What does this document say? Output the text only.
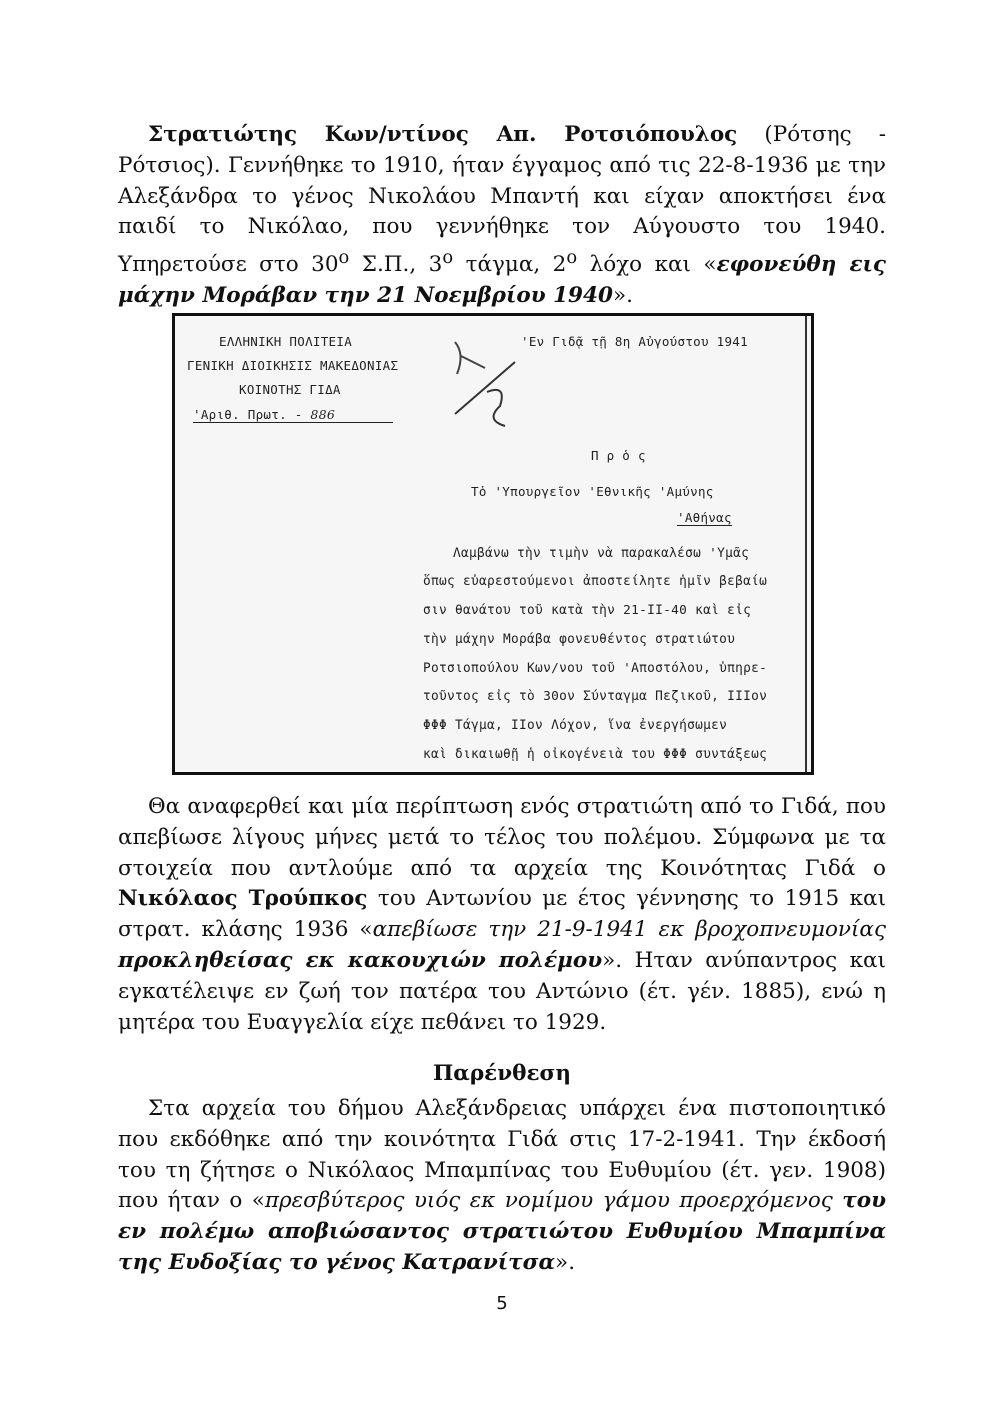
Στρατιώτης Κων/ντίνος Απ. Ροτσιόπουλος (Ρότσης - Ρότσιος). Γεννήθηκε το 1910, ήταν έγγαμος από τις 22-8-1936 με την Αλεξάνδρα το γένος Νικολάου Μπαντή και είχαν αποκτήσει ένα παιδί το Νικόλαο, που γεννήθηκε τον Αύγουστο του 1940. Υπηρετούσε στο $30^o$ Σ.Π., $3^o$ τάγμα, $2^o$ λόχο και «εφονεύθη εις μάχην Μοράβαν την 21 Νοεμβρίου 1940».
ΕΛΛΗΝΙΚΗ ΠΟΛΙΤΕΙΑ
ΓΕΝΙΚΗ ΔΙΟΙΚΗΣΙΣ ΜΑΚΕΔΟΝΙΑΣ
ΚΟΙΝΟΤΗΣ ΓΙΔΑ
'Αριθ. Πρωτ. - 886
'Εν Γιδᾷ τῇ 8η Αὐγούστου 1941
Π ρ ὁ ς
Τὁ 'Υπουργεῖον 'Εθνικῆς 'Αμύνης
'Αθήνας
Λαμβάνω τὴν τιμὴν νὰ παρακαλέσω 'Υμᾶς
ὅπως εὐαρεστούμενοι ἀποστείλητε ἡμῖν βεβαίω
σιν θανάτου τοῦ κατὰ τὴν 21-ΙΙ-40 καὶ εἰς
τὴν μάχην Μοράβα φονευθέντος στρατιώτου
Ροτσιοπούλου Κων/νου τοῦ 'Αποστόλου, ὑπηρε-
τοῦντος εἰς τὸ 30ον Σύνταγμα Πεζικοῦ, ΙΙΙον
ΦΦΦ Τάγμα, ΙΙον Λόχον, ἵνα ἐνεργήσωμεν
καὶ δικαιωθῇ ἡ οἰκογένειὰ του ΦΦΦ συντάξεως
Θα αναφερθεί και μία περίπτωση ενός στρατιώτη από το Γιδά, που απεβίωσε λίγους μήνες μετά το τέλος του πολέμου. Σύμφωνα με τα στοιχεία που αντλούμε από τα αρχεία της Κοινότητας Γιδά ο Νικόλαος Τρούπκος του Αντωνίου με έτος γέννησης το 1915 και στρατ. κλάσης 1936 «απεβίωσε την 21-9-1941 εκ βροχοπνευμονίας προκληθείσας εκ κακουχιών πολέμου». Ηταν ανύπαντρος και εγκατέλειψε εν ζωή τον πατέρα του Αντώνιο (έτ. γέν. 1885), ενώ η μητέρα του Ευαγγελία είχε πεθάνει το 1929.
Παρένθεση
Στα αρχεία του δήμου Αλεξάνδρειας υπάρχει ένα πιστοποιητικό που εκδόθηκε από την κοινότητα Γιδά στις 17-2-1941. Την έκδοσή του τη ζήτησε ο Νικόλαος Μπαμπίνας του Ευθυμίου (έτ. γεν. 1908) που ήταν ο «πρεσβύτερος υιός εκ νομίμου γάμου προερχόμενος του εν πολέμω αποβιώσαντος στρατιώτου Ευθυμίου Μπαμπίνα της Ευδοξίας το γένος Κατρανίτσα».
5
